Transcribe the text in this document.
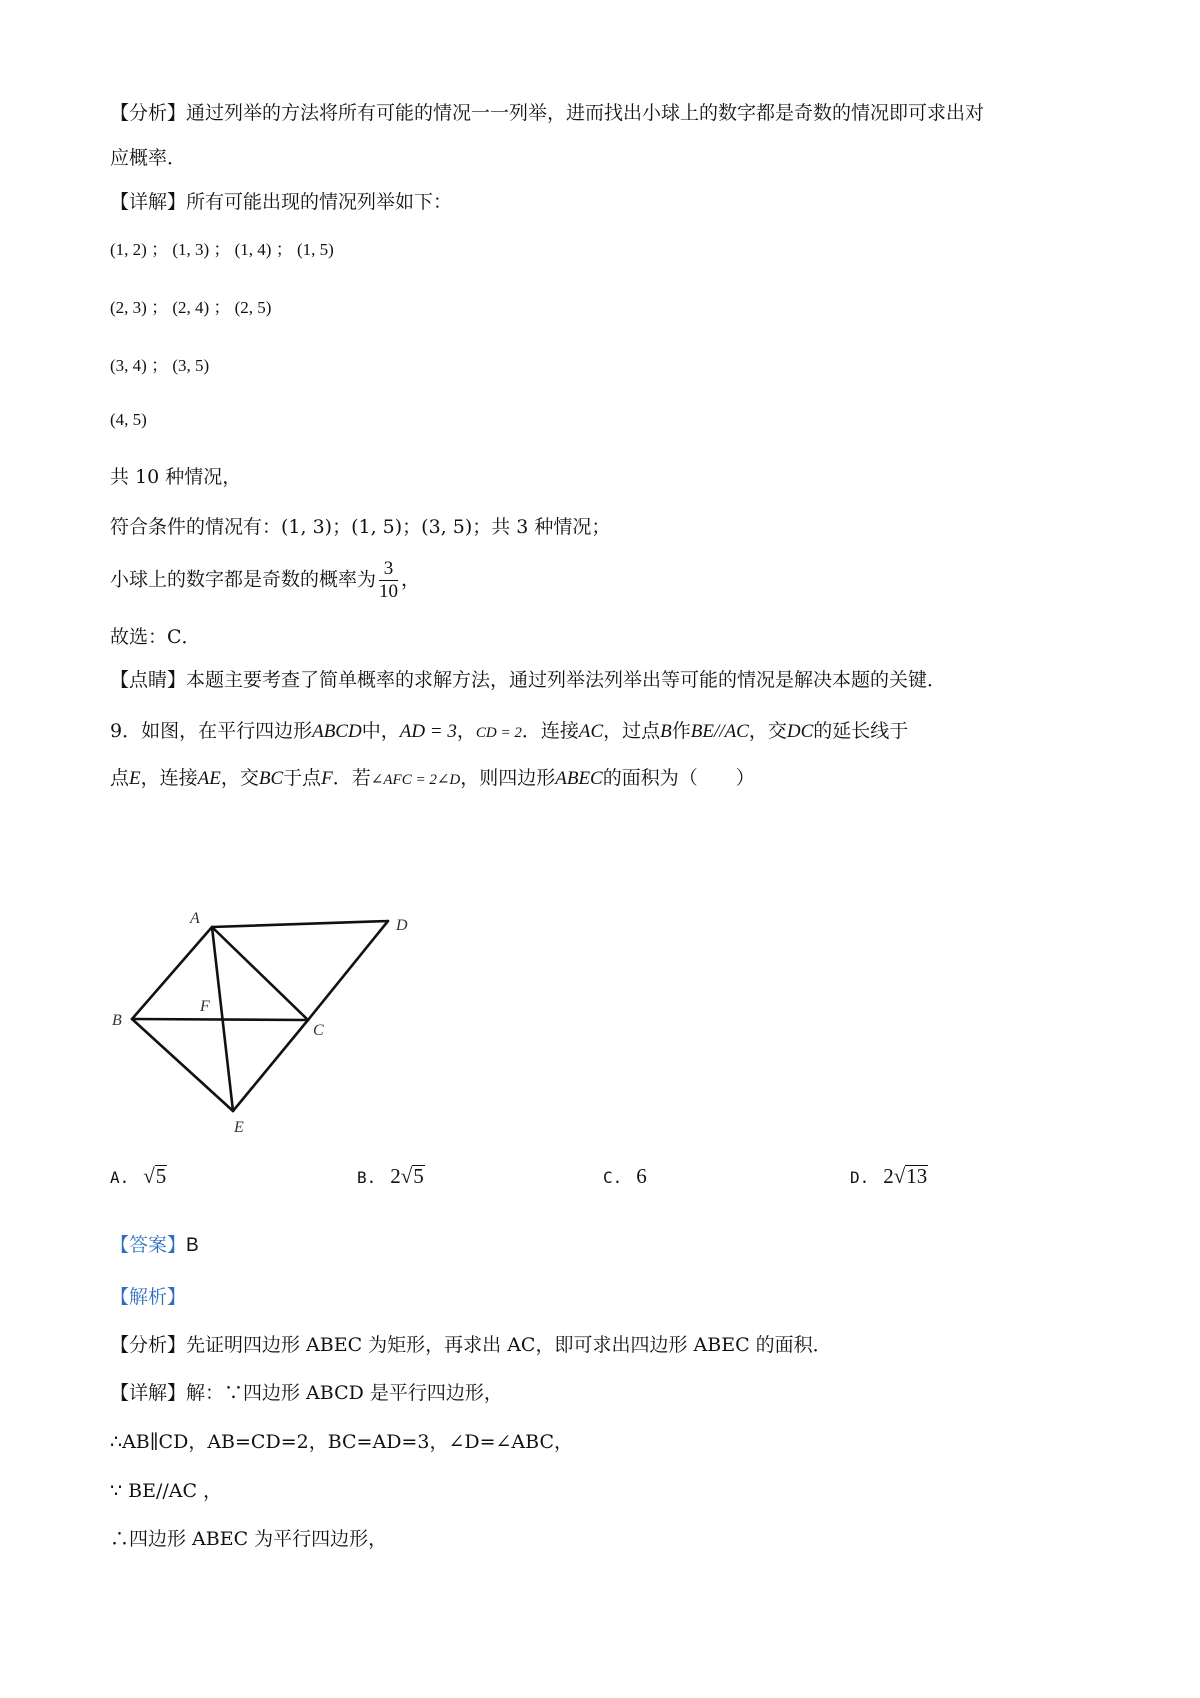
【分析】通过列举的方法将所有可能的情况一一列举，进而找出小球上的数字都是奇数的情况即可求出对
应概率．
【详解】所有可能出现的情况列举如下：
(1, 2) ； (1, 3) ； (1, 4) ； (1, 5)
(2, 3) ； (2, 4) ； (2, 5)
(3, 4) ； (3, 5)
(4, 5)
共 10 种情况，
符合条件的情况有：(1, 3)；(1, 5)；(3, 5)；共 3 种情况；
小球上的数字都是奇数的概率为 $\frac{3}{10}$ ，
故选：C．
【点睛】本题主要考查了简单概率的求解方法，通过列举法列举出等可能的情况是解决本题的关键．
9．如图，在平行四边形ABCD中，AD = 3，CD = 2．连接AC，过点B作BE//AC，交DC的延长线于
点E，连接AE，交BC于点F．若∠AFC = 2∠D，则四边形ABEC的面积为（　　）
A	D
B
F
C
E
A. √5	B. 2√5	C. 6	D. 2√13
【答案】B
【解析】
【分析】先证明四边形 ABEC 为矩形，再求出 AC，即可求出四边形 ABEC 的面积．
【详解】解：∵四边形 ABCD 是平行四边形，
∴AB∥CD，AB=CD=2，BC=AD=3，∠D=∠ABC，
∵ BE//AC ，
∴四边形 ABEC 为平行四边形，
